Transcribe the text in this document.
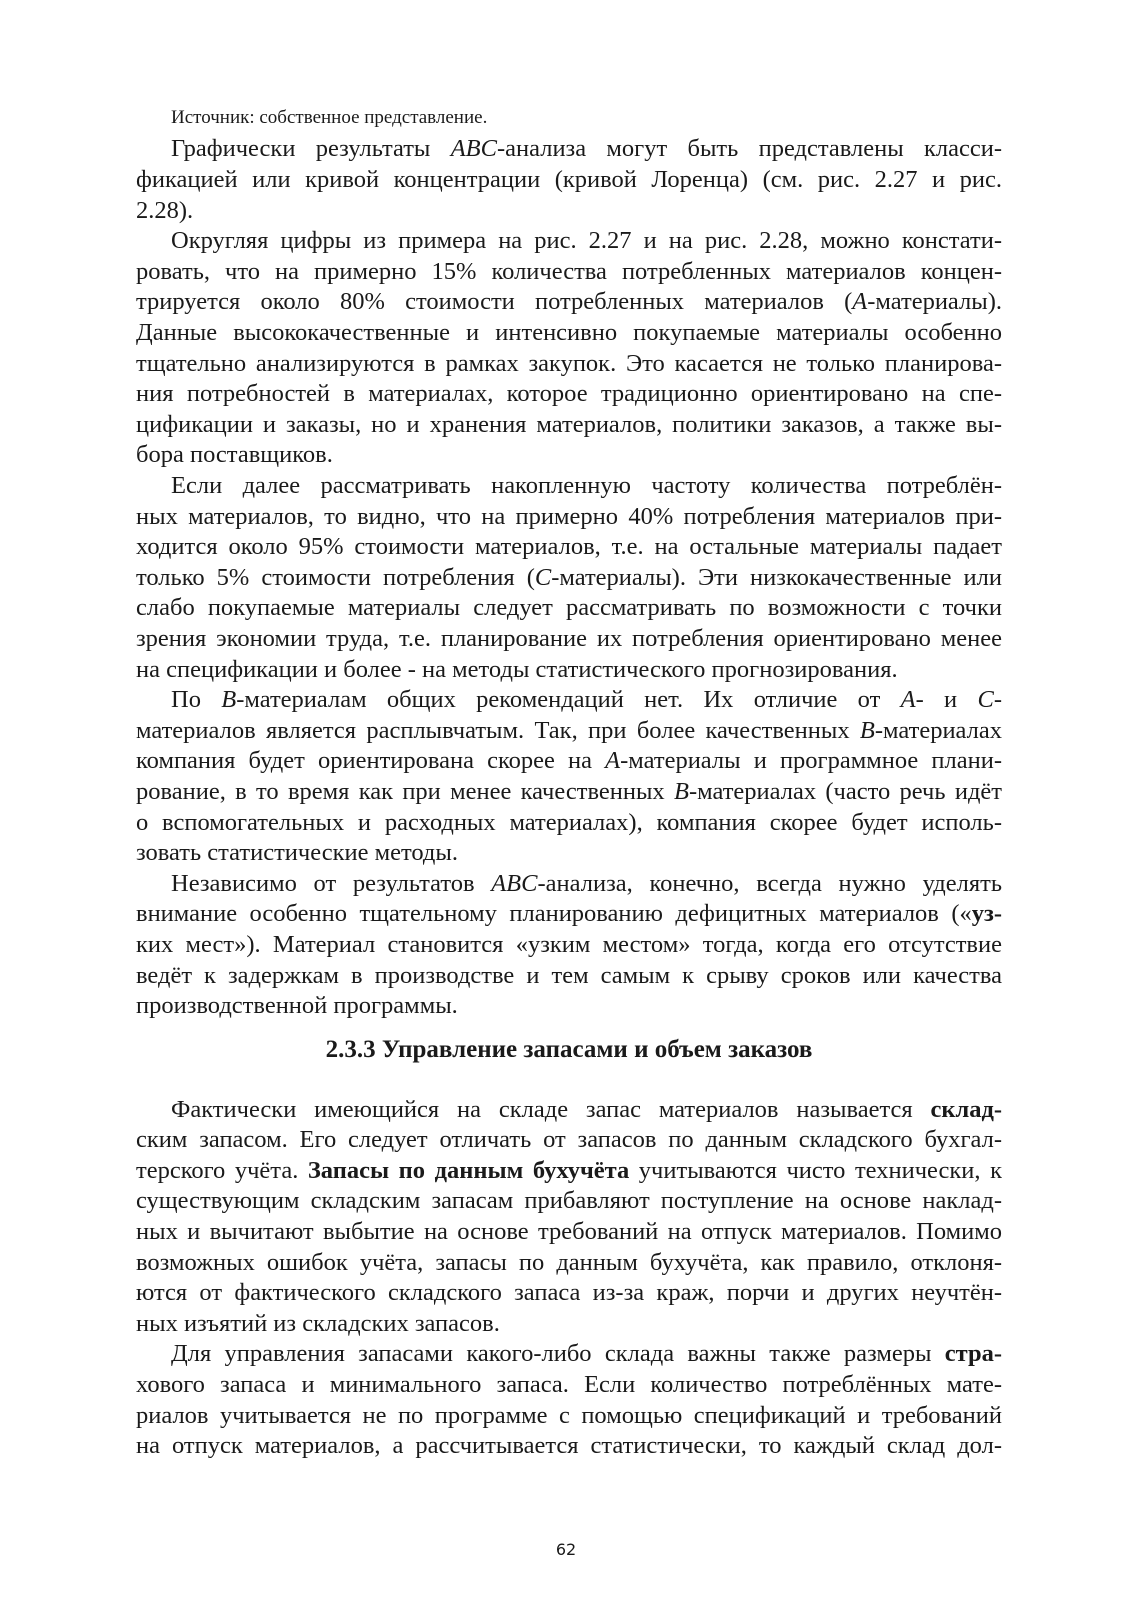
Источник: собственное представление.
Графически результаты ABC-анализа могут быть представлены класси-
фикацией или кривой концентрации (кривой Лоренца) (см. рис. 2.27 и рис.
2.28).
Округляя цифры из примера на рис. 2.27 и на рис. 2.28, можно констати-
ровать, что на примерно 15% количества потребленных материалов концен-
трируется около 80% стоимости потребленных материалов (A-материалы).
Данные высококачественные и интенсивно покупаемые материалы особенно
тщательно анализируются в рамках закупок. Это касается не только планирова-
ния потребностей в материалах, которое традиционно ориентировано на спе-
цификации и заказы, но и хранения материалов, политики заказов, а также вы-
бора поставщиков.
Если далее рассматривать накопленную частоту количества потреблён-
ных материалов, то видно, что на примерно 40% потребления материалов при-
ходится около 95% стоимости материалов, т.е. на остальные материалы падает
только 5% стоимости потребления (C-материалы). Эти низкокачественные или
слабо покупаемые материалы следует рассматривать по возможности с точки
зрения экономии труда, т.е. планирование их потребления ориентировано менее
на спецификации и более - на методы статистического прогнозирования.
По B-материалам общих рекомендаций нет. Их отличие от A- и C-
материалов является расплывчатым. Так, при более качественных B-материалах
компания будет ориентирована скорее на A-материалы и программное плани-
рование, в то время как при менее качественных B-материалах (часто речь идёт
о вспомогательных и расходных материалах), компания скорее будет исполь-
зовать статистические методы.
Независимо от результатов ABC-анализа, конечно, всегда нужно уделять
внимание особенно тщательному планированию дефицитных материалов («уз-
ких мест»). Материал становится «узким местом» тогда, когда его отсутствие
ведёт к задержкам в производстве и тем самым к срыву сроков или качества
производственной программы.
2.3.3 Управление запасами и объем заказов
Фактически имеющийся на складе запас материалов называется склад-
ским запасом. Его следует отличать от запасов по данным складского бухгал-
терского учёта. Запасы по данным бухучёта учитываются чисто технически, к
существующим складским запасам прибавляют поступление на основе наклад-
ных и вычитают выбытие на основе требований на отпуск материалов. Помимо
возможных ошибок учёта, запасы по данным бухучёта, как правило, отклоня-
ются от фактического складского запаса из-за краж, порчи и других неучтён-
ных изъятий из складских запасов.
Для управления запасами какого-либо склада важны также размеры стра-
хового запаса и минимального запаса. Если количество потреблённых мате-
риалов учитывается не по программе с помощью спецификаций и требований
на отпуск материалов, а рассчитывается статистически, то каждый склад дол-
62
